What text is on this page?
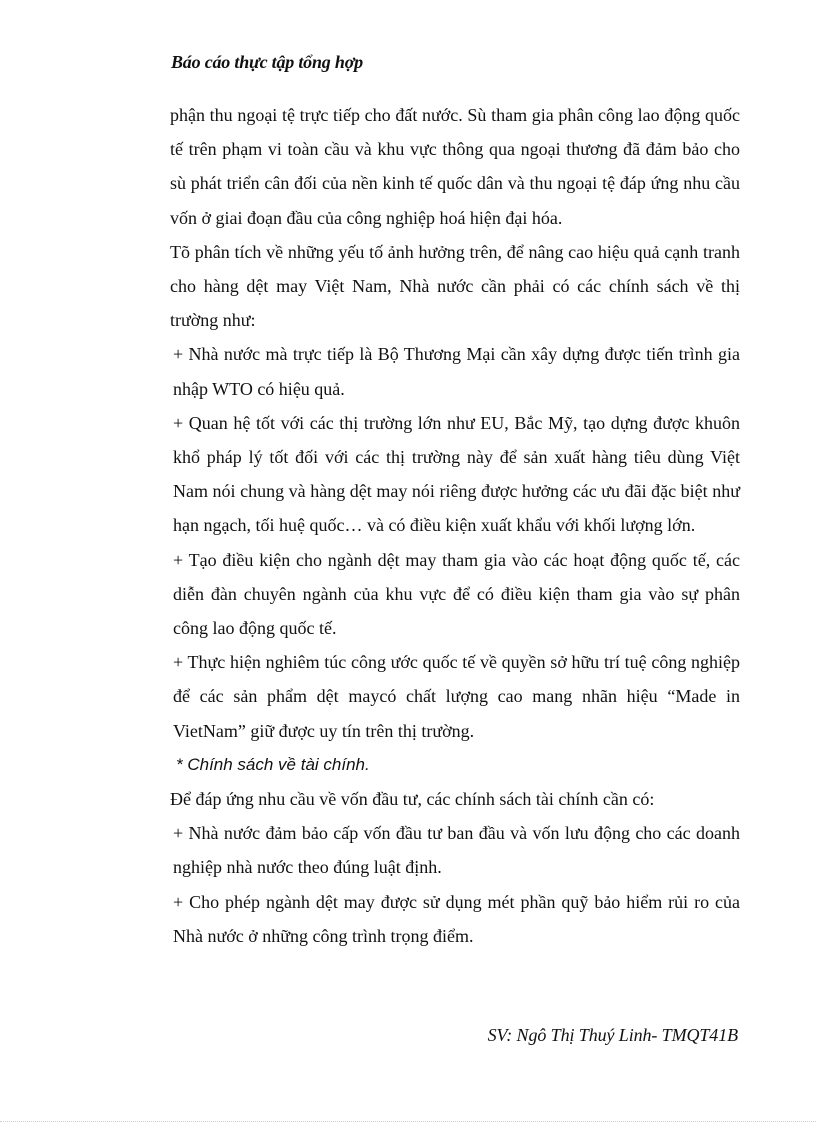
Báo cáo thực tập tổng hợp

phận thu ngoại tệ trực tiếp cho đất nước. Sù tham gia phân công lao động quốc tế trên phạm vi toàn cầu và khu vực thông qua ngoại thương đã đảm bảo cho sù phát triển cân đối của nền kinh tế quốc dân và thu ngoại tệ đáp ứng nhu cầu vốn ở giai đoạn đầu của công nghiệp hoá hiện đại hóa.

Tõ phân tích về những yếu tố ảnh hưởng trên, để nâng cao hiệu quả cạnh tranh cho hàng dệt may Việt Nam, Nhà nước cần phải có các chính sách về thị trường như:

+ Nhà nước mà trực tiếp là Bộ Thương Mại cần xây dựng được tiến trình gia nhập WTO có hiệu quả.

+ Quan hệ tốt với các thị trường lớn như EU, Bắc Mỹ, tạo dựng được khuôn khổ pháp lý tốt đối với các thị trường này để sản xuất hàng tiêu dùng Việt Nam nói chung và hàng dệt may nói riêng được hưởng các ưu đãi đặc biệt như hạn ngạch, tối huệ quốc… và có điều kiện xuất khẩu với khối lượng lớn.

+ Tạo điều kiện cho ngành dệt may tham gia vào các hoạt động quốc tế, các diễn đàn chuyên ngành của khu vực để có điều kiện tham gia vào sự phân công lao động quốc tế.

+ Thực hiện nghiêm túc công ước quốc tế về quyền sở hữu trí tuệ công nghiệp để các sản phẩm dệt maycó chất lượng cao mang nhãn hiệu “Made in VietNam” giữ được uy tín trên thị trường.

* Chính sách về tài chính.

Để đáp ứng nhu cầu về vốn đầu tư, các chính sách tài chính cần có:

+ Nhà nước đảm bảo cấp vốn đầu tư ban đầu và vốn lưu động cho các doanh nghiệp nhà nước theo đúng luật định.

+ Cho phép ngành dệt may được sử dụng mét phần quỹ bảo hiểm rủi ro của Nhà nước ở những công trình trọng điểm.

SV: Ngô Thị Thuý Linh- TMQT41B
